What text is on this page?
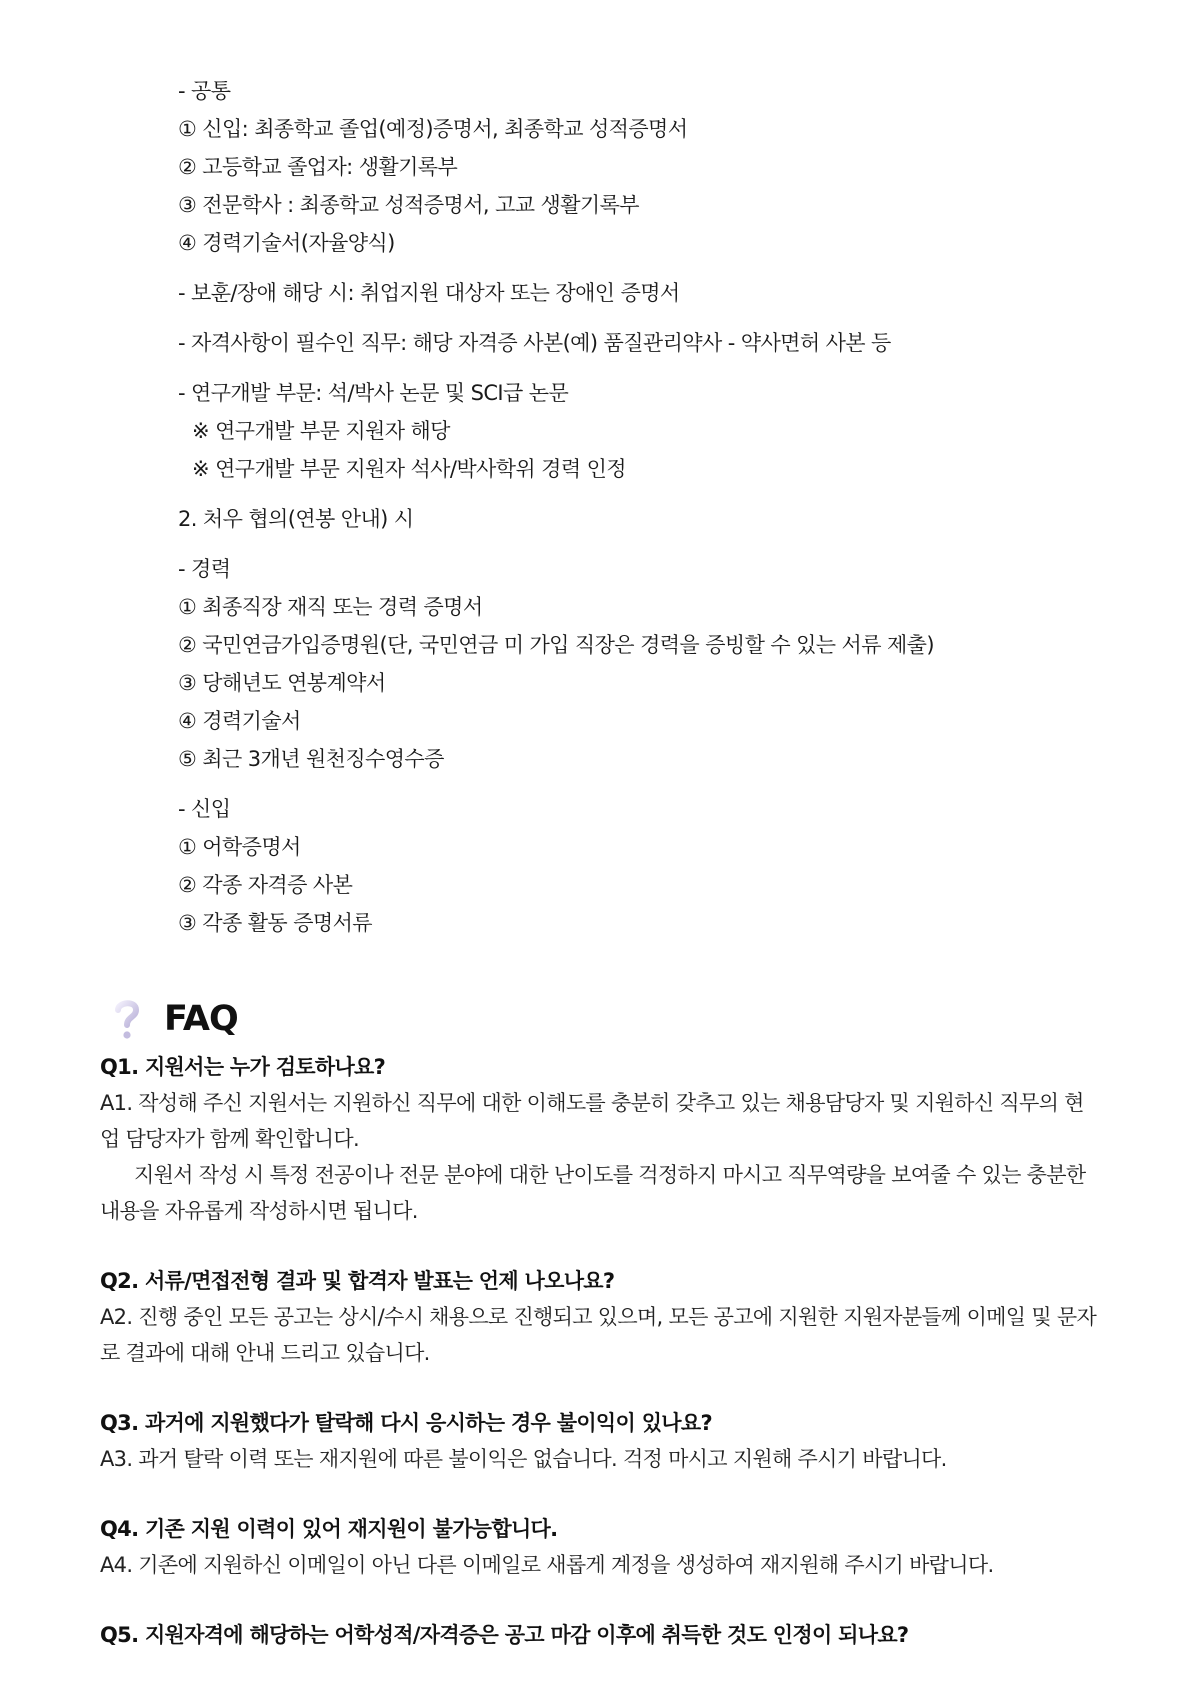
- 공통
① 신입: 최종학교 졸업(예정)증명서, 최종학교 성적증명서
② 고등학교 졸업자: 생활기록부
③ 전문학사 : 최종학교 성적증명서, 고교 생활기록부
④ 경력기술서(자율양식)
- 보훈/장애 해당 시: 취업지원 대상자 또는 장애인 증명서
- 자격사항이 필수인 직무: 해당 자격증 사본(예) 품질관리약사 - 약사면허 사본 등
- 연구개발 부문: 석/박사 논문 및 SCI급 논문
※ 연구개발 부문 지원자 해당
※ 연구개발 부문 지원자 석사/박사학위 경력 인정
2. 처우 협의(연봉 안내) 시
- 경력
① 최종직장 재직 또는 경력 증명서
② 국민연금가입증명원(단, 국민연금 미 가입 직장은 경력을 증빙할 수 있는 서류 제출)
③ 당해년도 연봉계약서
④ 경력기술서
⑤ 최근 3개년 원천징수영수증
- 신입
① 어학증명서
② 각종 자격증 사본
③ 각종 활동 증명서류
FAQ
Q1. 지원서는 누가 검토하나요?
A1. 작성해 주신 지원서는 지원하신 직무에 대한 이해도를 충분히 갖추고 있는 채용담당자 및 지원하신 직무의 현업 담당자가 함께 확인합니다.
지원서 작성 시 특정 전공이나 전문 분야에 대한 난이도를 걱정하지 마시고 직무역량을 보여줄 수 있는 충분한 내용을 자유롭게 작성하시면 됩니다.
Q2. 서류/면접전형 결과 및 합격자 발표는 언제 나오나요?
A2. 진행 중인 모든 공고는 상시/수시 채용으로 진행되고 있으며, 모든 공고에 지원한 지원자분들께 이메일 및 문자로 결과에 대해 안내 드리고 있습니다.
Q3. 과거에 지원했다가 탈락해 다시 응시하는 경우 불이익이 있나요?
A3. 과거 탈락 이력 또는 재지원에 따른 불이익은 없습니다. 걱정 마시고 지원해 주시기 바랍니다.
Q4. 기존 지원 이력이 있어 재지원이 불가능합니다.
A4. 기존에 지원하신 이메일이 아닌 다른 이메일로 새롭게 계정을 생성하여 재지원해 주시기 바랍니다.
Q5. 지원자격에 해당하는 어학성적/자격증은 공고 마감 이후에 취득한 것도 인정이 되나요?
